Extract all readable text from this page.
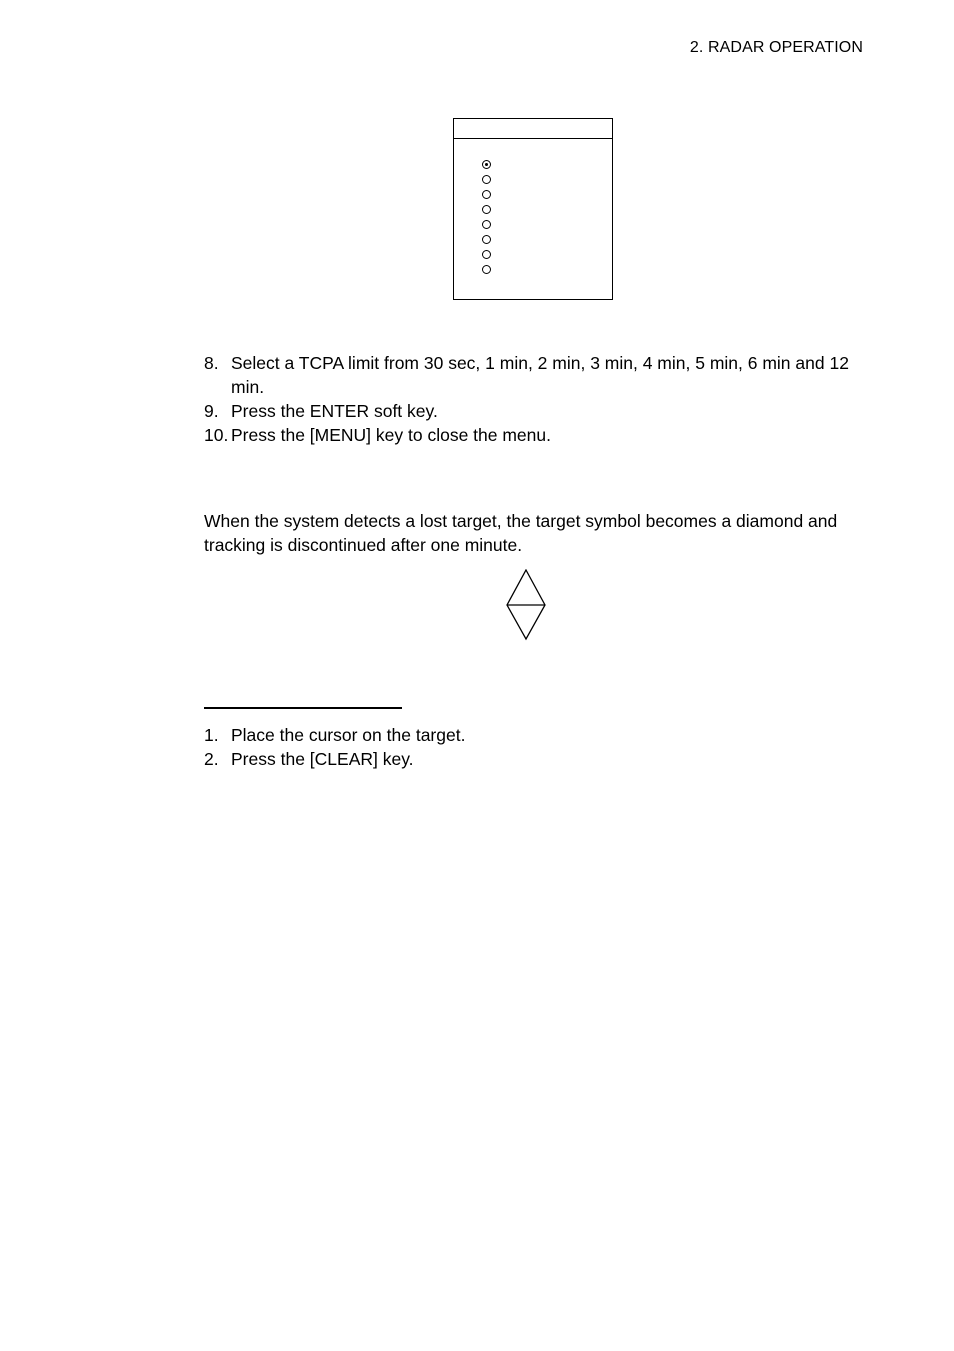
2. RADAR OPERATION
8. Select a TCPA limit from 30 sec, 1 min, 2 min, 3 min, 4 min, 5 min, 6 min and 12 min.
9. Press the ENTER soft key.
10. Press the [MENU] key to close the menu.

When the system detects a lost target, the target symbol becomes a diamond and tracking is discontinued after one minute.

1. Place the cursor on the target.
2. Press the [CLEAR] key.
